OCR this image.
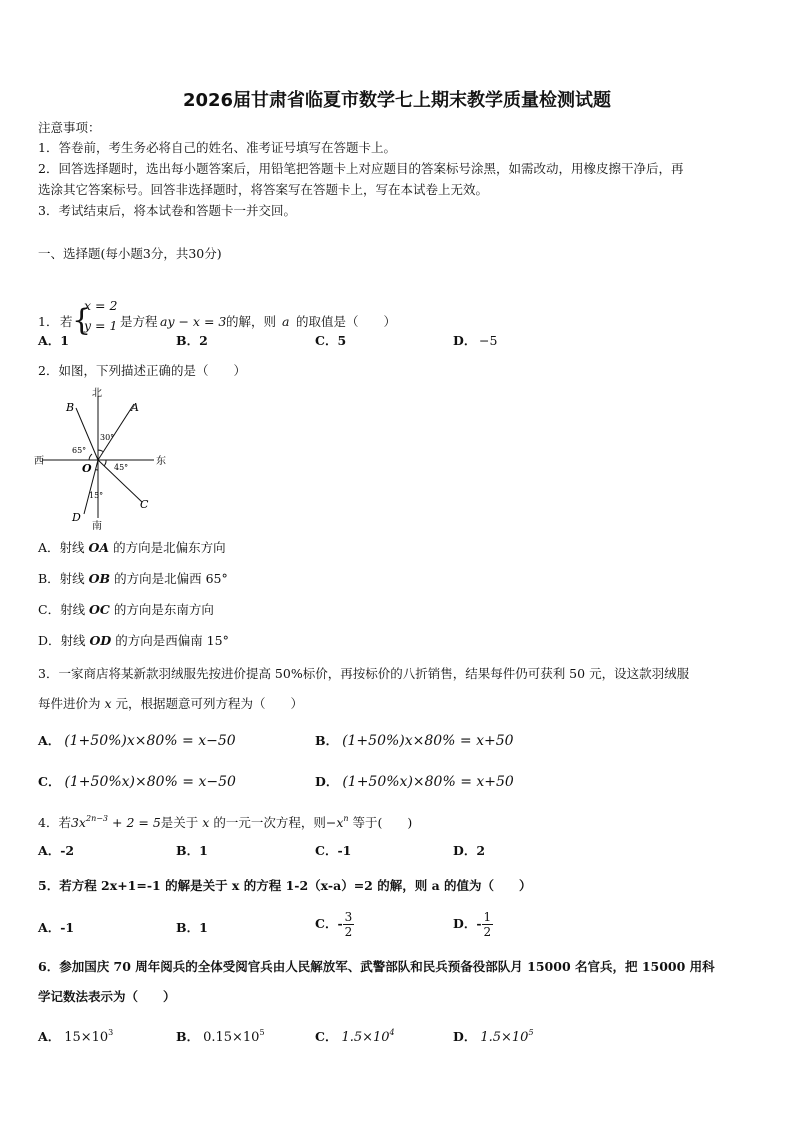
2026届甘肃省临夏市数学七上期末教学质量检测试题
注意事项：
1．答卷前，考生务必将自己的姓名、准考证号填写在答题卡上。
2．回答选择题时，选出每小题答案后，用铅笔把答题卡上对应题目的答案标号涂黑，如需改动，用橡皮擦干净后，再
选涂其它答案标号。回答非选择题时，将答案写在答题卡上，写在本试卷上无效。
3．考试结束后，将本试卷和答题卡一并交回。
一、选择题(每小题3分，共30分)
1． 若 {
x = 2
y = 1 是方程 ay − x = 3 的解，则 a 的取值是（　　）
A．1	B．2	C．5	D． −5
2．如图，下列描述正确的是（　　）
北
南
东
西
A
B
C
D
O
30°
65°
45°
15°
A．射线 OA 的方向是北偏东方向
B．射线 OB 的方向是北偏西 65°
C．射线 OC 的方向是东南方向
D．射线 OD 的方向是西偏南 15°
3．一家商店将某新款羽绒服先按进价提高 50%标价，再按标价的八折销售，结果每件仍可获利 50 元，设这款羽绒服
每件进价为 x 元，根据题意可列方程为（　　）
A． (1+50%)x×80% = x−50	B． (1+50%)x×80% = x+50
C． (1+50%x)×80% = x−50	D． (1+50%x)×80% = x+50
4．若$3x^{2n-3} + 2 = 5$是关于 x 的一元一次方程，则$-x^n$ 等于(　　)
A．-2	B．1	C．-1	D．2
5．若方程 2x+1=-1 的解是关于 x 的方程 1-2（x-a）=2 的解，则 a 的值为（　　）
A．-1	B．1	C．- $\frac{3}{2}$	D．- $\frac{1}{2}$
6．参加国庆 70 周年阅兵的全体受阅官兵由人民解放军、武警部队和民兵预备役部队月 15000 名官兵，把 15000 用科
学记数法表示为（　　）
A． $15\times 10^3$	B． $0.15\times 10^5$	C． $1.5\times 10^4$	D． $1.5\times 10^5$
